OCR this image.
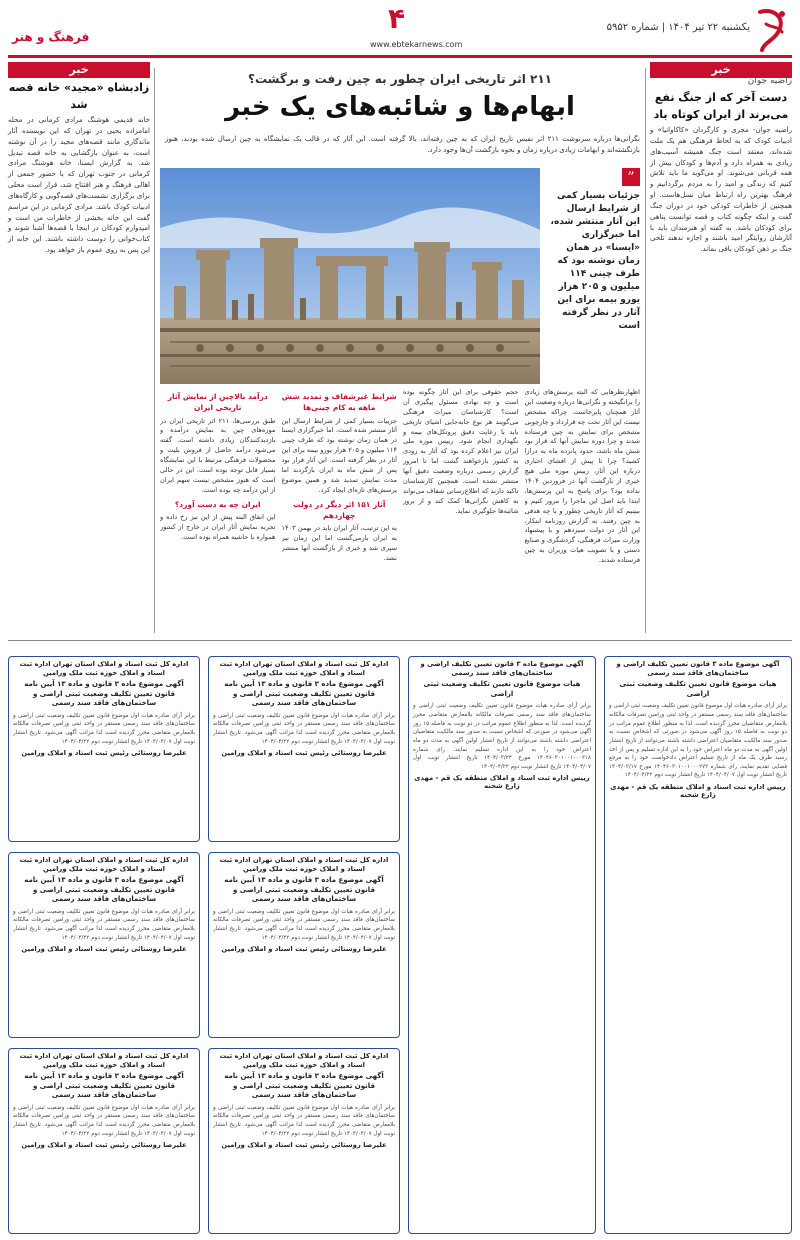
یکشنبه ۲۲ تیر ۱۴۰۴ | شماره ۵۹۵۲
۴
www.ebtekarnews.com
فرهنگ و هنر
خبر
راضیه جوان
دست آخر که از جنگ نفع می‌برند از ایران کوتاه باد
راضیه جوان- مجری و کارگردان «کاکاوانیا» و ادبیات کودک که به لحاظ فرهنگی هم یک ملت شده‌اند، معتقد است جنگ همیشه آسیب‌های زیادی به همراه دارد و آدم‌ها و کودکان بیش از همه قربانی می‌شوند. او می‌گوید ما باید تلاش کنیم که زندگی و امید را به مردم برگردانیم و فرهنگ بهترین راه ارتباط میان نسل‌هاست. او همچنین از خاطرات کودکی خود در دوران جنگ گفت و اینکه چگونه کتاب و قصه توانست پناهی برای کودکان باشد. به گفته او هنرمندان باید با آثارشان روایتگر امید باشند و اجازه ندهند تلخی جنگ بر ذهن کودکان باقی بماند.
خبر
زادبشاه «مجید» خانه قصه شد
خانه قدیمی هوشنگ مرادی کرمانی در محله امامزاده یحیی در تهران که این نویسنده آثار ماندگاری مانند قصه‌های مجید را در آن نوشته است، به عنوان بازگشایی به خانه قصه تبدیل شد. به گزارش ایسنا، خانه هوشنگ مرادی کرمانی در جنوب تهران که با حضور جمعی از اهالی فرهنگ و هنر افتتاح شد، قرار است محلی برای برگزاری نشست‌های قصه‌گویی و کارگاه‌های ادبیات کودک باشد. مرادی کرمانی در این مراسم گفت این خانه بخشی از خاطرات من است و امیدوارم کودکان در اینجا با قصه‌ها آشنا شوند و کتاب‌خوانی را دوست داشته باشند. این خانه از این پس به روی عموم باز خواهد بود.
۲۱۱ اثر تاریخی ایران چطور به چین رفت و برگشت؟
ابهام‌ها و شائبه‌های یک خبر
نگرانی‌ها درباره سرنوشت ۲۱۱ اثر نفیس تاریخ ایران که به چین رفته‌اند، بالا گرفته است. این آثار که در قالب یک نمایشگاه به چین ارسال شده بودند، هنوز بازنگشته‌اند و ابهامات زیادی درباره زمان و نحوه بازگشت آن‌ها وجود دارد.
”
جزئیات بسیار کمی از شرایط ارسال این آثار منتشر شده، اما خبرگزاری «ایسنا» در همان زمان نوشته بود که طرف چینی ۱۱۴ میلیون و ۲۰۵ هزار یورو بیمه برای این آثار در نظر گرفته است
اظهارنظرهایی که البته پرسش‌های زیادی را برانگیخته و نگرانی‌ها درباره وضعیت این آثار همچنان پابرجاست. چراکه مشخص نیست این آثار تحت چه قرارداد و چارچوبی مشخص برای نمایش به چین فرستاده شدند و چرا دوره نمایش آنها که قرار بود شش ماه باشد، حدود پانزده ماه به درازا کشید؟ چرا تا پیش از افشای اخباری درباره این آثار، رییس موزه ملی هیچ خبری از بازگشت آنها در فروردین ۱۴۰۴ نداده بود؟ برای پاسخ به این پرسش‌ها، ابتدا باید اصل این ماجرا را مرور کنیم و ببینیم که آثار تاریخی چطور و با چه هدفی به چین رفتند. به گزارش روزنامه ابتکار، این آثار در دولت سیزدهم و با پیشنهاد وزارت میراث فرهنگی، گردشگری و صنایع دستی و با تصویب هیات وزیران به چین فرستاده شدند.
حجم حقوقی برای این آثار چگونه بوده است و چه نهادی مسئول پیگیری آن است؟ کارشناسان میراث فرهنگی می‌گویند هر نوع جابه‌جایی اشیای تاریخی باید با رعایت دقیق پروتکل‌های بیمه و نگهداری انجام شود. رییس موزه ملی ایران نیز اعلام کرده بود که آثار به زودی به کشور بازخواهند گشت اما تا امروز گزارش رسمی درباره وضعیت دقیق آنها منتشر نشده است. همچنین کارشناسان تاکید دارند که اطلاع‌رسانی شفاف می‌تواند به کاهش نگرانی‌ها کمک کند و از بروز شائبه‌ها جلوگیری نماید.
شرایط غیرشفاف و تمدید شش ماهه به کام چینی‌ها
جزییات بسیار کمی از شرایط ارسال این آثار منتشر شده است، اما خبرگزاری ایسنا در همان زمان نوشته بود که طرف چینی ۱۱۴ میلیون و ۲۰۵ هزار یورو بیمه برای این آثار در نظر گرفته است. این آثار قرار بود پس از شش ماه به ایران بازگردند اما مدت نمایش تمدید شد و همین موضوع پرسش‌های تازه‌ای ایجاد کرد.
آثار ۱۵۱ اثر دیگر در دولت چهاردهم
به این ترتیب، آثار ایران باید در بهمن ۱۴۰۳ به ایران بازمی‌گشت اما این زمان نیز سپری شد و خبری از بازگشت آنها منتشر نشد.
درآمد بالاچین از نمایش آثار تاریخی ایران
طبق بررسی‌ها، ۲۱۱ اثر تاریخی ایران در موزه‌های چین به نمایش درآمده و بازدیدکنندگان زیادی داشته است. گفته می‌شود درآمد حاصل از فروش بلیت و محصولات فرهنگی مرتبط با این نمایشگاه بسیار قابل توجه بوده است. این در حالی است که هنوز مشخص نیست سهم ایران از این درآمد چه بوده است.
ایران چه به دست آورد؟
این اتفاق البته پیش از این نیز رخ داده و تجربه نمایش آثار ایران در خارج از کشور همواره با حاشیه همراه بوده است.
آگهی موضوع ماده ۳ قانون تعیین تکلیف اراضی و ساختمان‌های فاقد سند رسمی
هیات موضوع قانون تعیین تکلیف وضعیت ثبتی اراضی
برابر آرای صادره هیات اول موضوع قانون تعیین تکلیف وضعیت ثبتی اراضی و ساختمان‌های فاقد سند رسمی مستقر در واحد ثبتی ورامین تصرفات مالکانه بلامعارض متقاضیان محرز گردیده است. لذا به منظور اطلاع عموم مراتب در دو نوبت به فاصله ۱۵ روز آگهی می‌شود در صورتی که اشخاص نسبت به صدور سند مالکیت متقاضیان اعتراضی داشته باشند می‌توانند از تاریخ انتشار اولین آگهی به مدت دو ماه اعتراض خود را به این اداره تسلیم و پس از اخذ رسید ظرف یک ماه از تاریخ تسلیم اعتراض دادخواست خود را به مرجع قضایی تقدیم نمایند. رای شماره ۱۴۰۴۶۰۳۰۱۰۰۱۰۰۰۲۷۳ مورخ ۱۴۰۴/۰۳/۱۷ تاریخ انتشار نوبت اول ۱۴۰۴/۰۴/۰۷ تاریخ انتشار نوبت دوم ۱۴۰۴/۰۴/۲۲
رییس اداره ثبت اسناد و املاک منطقه یک قم - مهدی زارع شحنه
آگهی موضوع ماده ۳ قانون تعیین تکلیف اراضی و ساختمان‌های فاقد سند رسمی
هیات موضوع قانون تعیین تکلیف وضعیت ثبتی اراضی
برابر آرای صادره هیات موضوع قانون تعیین تکلیف وضعیت ثبتی اراضی و ساختمان‌های فاقد سند رسمی تصرفات مالکانه بلامعارض متقاضی محرز گردیده است. لذا به منظور اطلاع عموم مراتب در دو نوبت به فاصله ۱۵ روز آگهی می‌شود در صورتی که اشخاص نسبت به صدور سند مالکیت متقاضیان اعتراضی داشته باشند می‌توانند از تاریخ انتشار اولین آگهی به مدت دو ماه اعتراض خود را به این اداره تسلیم نمایند. رای شماره ۱۴۰۴۶۰۳۰۱۰۰۱۰۰۰۳۱۸ مورخ ۱۴۰۴/۰۳/۲۴ تاریخ انتشار نوبت اول ۱۴۰۴/۰۴/۰۷ تاریخ انتشار نوبت دوم ۱۴۰۴/۰۴/۲۲
رییس اداره ثبت اسناد و املاک منطقه یک قم - مهدی زارع شحنه
اداره کل ثبت اسناد و املاک استان تهران اداره ثبت اسناد و املاک حوزه ثبت ملک ورامین
آگهی موضوع ماده ۳ قانون و ماده ۱۳ آیین نامه قانون تعیین تکلیف وضعیت ثبتی اراضی و ساختمان‌های فاقد سند رسمی
برابر آرای صادره هیات اول موضوع قانون تعیین تکلیف وضعیت ثبتی اراضی و ساختمان‌های فاقد سند رسمی مستقر در واحد ثبتی ورامین تصرفات مالکانه بلامعارض متقاضی محرز گردیده است لذا مراتب آگهی می‌شود. تاریخ انتشار نوبت اول ۱۴۰۴/۰۴/۰۷ تاریخ انتشار نوبت دوم ۱۴۰۴/۰۴/۲۲
علیرضا روستائی رئیس ثبت اسناد و املاک ورامین
اداره کل ثبت اسناد و املاک استان تهران اداره ثبت اسناد و املاک حوزه ثبت ملک ورامین
آگهی موضوع ماده ۳ قانون و ماده ۱۳ آیین نامه قانون تعیین تکلیف وضعیت ثبتی اراضی و ساختمان‌های فاقد سند رسمی
برابر آرای صادره هیات اول موضوع قانون تعیین تکلیف وضعیت ثبتی اراضی و ساختمان‌های فاقد سند رسمی مستقر در واحد ثبتی ورامین تصرفات مالکانه بلامعارض متقاضی محرز گردیده است لذا مراتب آگهی می‌شود. تاریخ انتشار نوبت اول ۱۴۰۴/۰۴/۰۷ تاریخ انتشار نوبت دوم ۱۴۰۴/۰۴/۲۲
علیرضا روستائی رئیس ثبت اسناد و املاک ورامین
اداره کل ثبت اسناد و املاک استان تهران اداره ثبت اسناد و املاک حوزه ثبت ملک ورامین
آگهی موضوع ماده ۳ قانون و ماده ۱۳ آیین نامه قانون تعیین تکلیف وضعیت ثبتی اراضی و ساختمان‌های فاقد سند رسمی
برابر آرای صادره هیات اول موضوع قانون تعیین تکلیف وضعیت ثبتی اراضی و ساختمان‌های فاقد سند رسمی مستقر در واحد ثبتی ورامین تصرفات مالکانه بلامعارض متقاضی محرز گردیده است لذا مراتب آگهی می‌شود. تاریخ انتشار نوبت اول ۱۴۰۴/۰۴/۰۷ تاریخ انتشار نوبت دوم ۱۴۰۴/۰۴/۲۲
علیرضا روستائی رئیس ثبت اسناد و املاک ورامین
اداره کل ثبت اسناد و املاک استان تهران اداره ثبت اسناد و املاک حوزه ثبت ملک ورامین
آگهی موضوع ماده ۳ قانون و ماده ۱۳ آیین نامه قانون تعیین تکلیف وضعیت ثبتی اراضی و ساختمان‌های فاقد سند رسمی
برابر آرای صادره هیات اول موضوع قانون تعیین تکلیف وضعیت ثبتی اراضی و ساختمان‌های فاقد سند رسمی مستقر در واحد ثبتی ورامین تصرفات مالکانه بلامعارض متقاضی محرز گردیده است لذا مراتب آگهی می‌شود. تاریخ انتشار نوبت اول ۱۴۰۴/۰۴/۰۷ تاریخ انتشار نوبت دوم ۱۴۰۴/۰۴/۲۲
علیرضا روستائی رئیس ثبت اسناد و املاک ورامین
اداره کل ثبت اسناد و املاک استان تهران اداره ثبت اسناد و املاک حوزه ثبت ملک ورامین
آگهی موضوع ماده ۳ قانون و ماده ۱۳ آیین نامه قانون تعیین تکلیف وضعیت ثبتی اراضی و ساختمان‌های فاقد سند رسمی
برابر آرای صادره هیات اول موضوع قانون تعیین تکلیف وضعیت ثبتی اراضی و ساختمان‌های فاقد سند رسمی مستقر در واحد ثبتی ورامین تصرفات مالکانه بلامعارض متقاضی محرز گردیده است لذا مراتب آگهی می‌شود. تاریخ انتشار نوبت اول ۱۴۰۴/۰۴/۰۷ تاریخ انتشار نوبت دوم ۱۴۰۴/۰۴/۲۲
علیرضا روستائی رئیس ثبت اسناد و املاک ورامین
اداره کل ثبت اسناد و املاک استان تهران اداره ثبت اسناد و املاک حوزه ثبت ملک ورامین
آگهی موضوع ماده ۳ قانون و ماده ۱۳ آیین نامه قانون تعیین تکلیف وضعیت ثبتی اراضی و ساختمان‌های فاقد سند رسمی
برابر آرای صادره هیات اول موضوع قانون تعیین تکلیف وضعیت ثبتی اراضی و ساختمان‌های فاقد سند رسمی مستقر در واحد ثبتی ورامین تصرفات مالکانه بلامعارض متقاضی محرز گردیده است لذا مراتب آگهی می‌شود. تاریخ انتشار نوبت اول ۱۴۰۴/۰۴/۰۷ تاریخ انتشار نوبت دوم ۱۴۰۴/۰۴/۲۲
علیرضا روستائی رئیس ثبت اسناد و املاک ورامین
